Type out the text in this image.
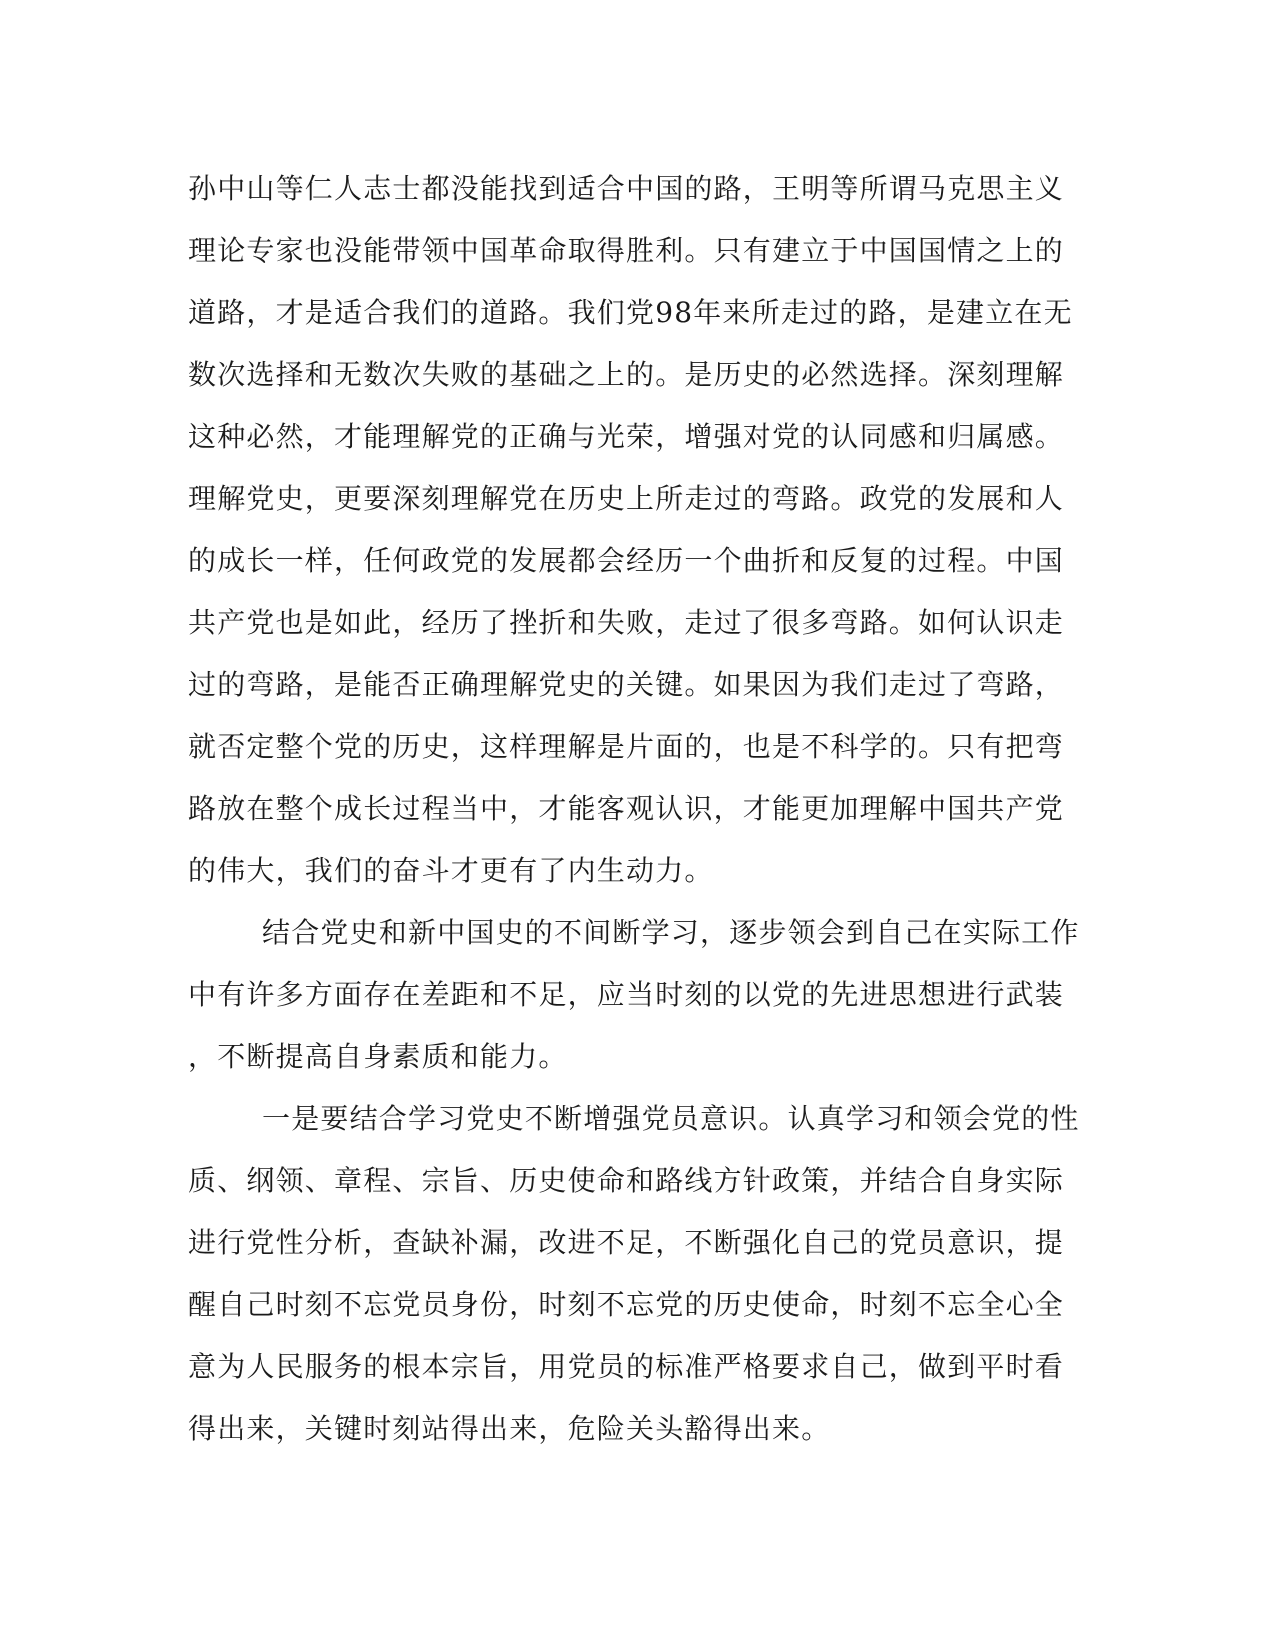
孙中山等仁人志士都没能找到适合中国的路，王明等所谓马克思主义
理论专家也没能带领中国革命取得胜利。只有建立于中国国情之上的
道路，才是适合我们的道路。我们党98年来所走过的路，是建立在无
数次选择和无数次失败的基础之上的。是历史的必然选择。深刻理解
这种必然，才能理解党的正确与光荣，增强对党的认同感和归属感。
理解党史，更要深刻理解党在历史上所走过的弯路。政党的发展和人
的成长一样，任何政党的发展都会经历一个曲折和反复的过程。中国
共产党也是如此，经历了挫折和失败，走过了很多弯路。如何认识走
过的弯路，是能否正确理解党史的关键。如果因为我们走过了弯路，
就否定整个党的历史，这样理解是片面的，也是不科学的。只有把弯
路放在整个成长过程当中，才能客观认识，才能更加理解中国共产党
的伟大，我们的奋斗才更有了内生动力。
结合党史和新中国史的不间断学习，逐步领会到自己在实际工作
中有许多方面存在差距和不足，应当时刻的以党的先进思想进行武装
，不断提高自身素质和能力。
一是要结合学习党史不断增强党员意识。认真学习和领会党的性
质、纲领、章程、宗旨、历史使命和路线方针政策，并结合自身实际
进行党性分析，查缺补漏，改进不足，不断强化自己的党员意识，提
醒自己时刻不忘党员身份，时刻不忘党的历史使命，时刻不忘全心全
意为人民服务的根本宗旨，用党员的标准严格要求自己，做到平时看
得出来，关键时刻站得出来，危险关头豁得出来。
